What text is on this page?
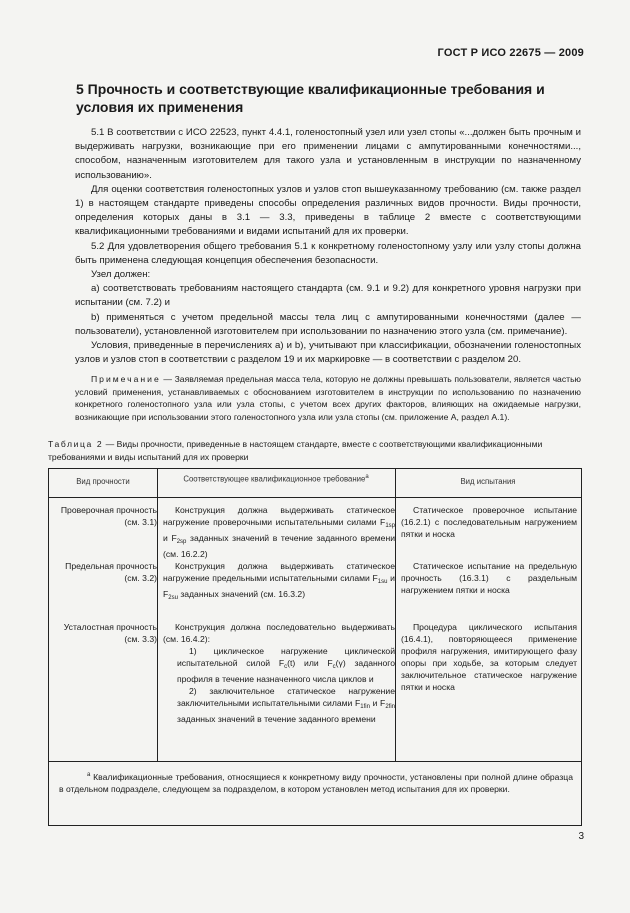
ГОСТ Р ИСО 22675 — 2009
5 Прочность и соответствующие квалификационные требования и условия их применения

5.1 В соответствии с ИСО 22523, пункт 4.4.1, голеностопный узел или узел стопы «...должен быть прочным и выдерживать нагрузки, возникающие при его применении лицами с ампутированными конечностями..., способом, назначенным изготовителем для такого узла и установленным в инструкции по назначенному использованию».

Для оценки соответствия голеностопных узлов и узлов стоп вышеуказанному требованию (см. также раздел 1) в настоящем стандарте приведены способы определения различных видов прочности. Виды прочности, определения которых даны в 3.1 — 3.3, приведены в таблице 2 вместе с соответствующими квалификационными требованиями и видами испытаний для их проверки.

5.2 Для удовлетворения общего требования 5.1 к конкретному голеностопному узлу или узлу стопы должна быть применена следующая концепция обеспечения безопасности.

Узел должен:

а) соответствовать требованиям настоящего стандарта (см. 9.1 и 9.2) для конкретного уровня нагрузки при испытании (см. 7.2) и

b) применяться с учетом предельной массы тела лиц с ампутированными конечностями (далее — пользователи), установленной изготовителем при использовании по назначению этого узла (см. примечание).

Условия, приведенные в перечислениях а) и b), учитывают при классификации, обозначении голеностопных узлов и узлов стоп в соответствии с разделом 19 и их маркировке — в соответствии с разделом 20.

Примечание — Заявляемая предельная масса тела, которую не должны превышать пользователи, является частью условий применения, устанавливаемых с обоснованием изготовителем в инструкции по использованию по назначению конкретного голеностопного узла или узла стопы, с учетом всех других факторов, влияющих на ожидаемые нагрузки, возникающие при использовании этого голеностопного узла или узла стопы (см. приложение А, раздел А.1).
Таблица 2 — Виды прочности, приведенные в настоящем стандарте, вместе с соответствующими квалификационными требованиями и виды испытаний для их проверки
Вид прочности	Соответствующее квалификационное требование$^а$	Вид испытания
Проверочная прочность (см. 3.1)
Конструкция должна выдерживать статическое нагружение проверочными испытательными силами $F_{1sp}$ и $F_{2sp}$ заданных значений в течение заданного времени (см. 16.2.2)
Статическое проверочное испытание (16.2.1) с последовательным нагружением пятки и носка
Предельная прочность (см. 3.2)
Конструкция должна выдерживать статическое нагружение предельными испытательными силами $F_{1su}$ и $F_{2su}$ заданных значений (см. 16.3.2)
Статическое испытание на предельную прочность (16.3.1) с раздельным нагружением пятки и носка
Усталостная прочность (см. 3.3)
Конструкция должна последовательно выдерживать (см. 16.4.2):
1) циклическое нагружение циклической испытательной силой $F_c(t)$ или $F_c(\gamma)$ заданного профиля в течение назначенного числа циклов и
2) заключительное статическое нагружение заключительными испытательными силами $F_{1fin}$ и $F_{2fin}$ заданных значений в течение заданного времени
Процедура циклического испытания (16.4.1), повторяющееся применение профиля нагружения, имитирующего фазу опоры при ходьбе, за которым следует заключительное статическое нагружение пятки и носка
$^а$ Квалификационные требования, относящиеся к конкретному виду прочности, установлены при полной длине образца в отдельном подразделе, следующем за подразделом, в котором установлен метод испытания для их проверки.
3
